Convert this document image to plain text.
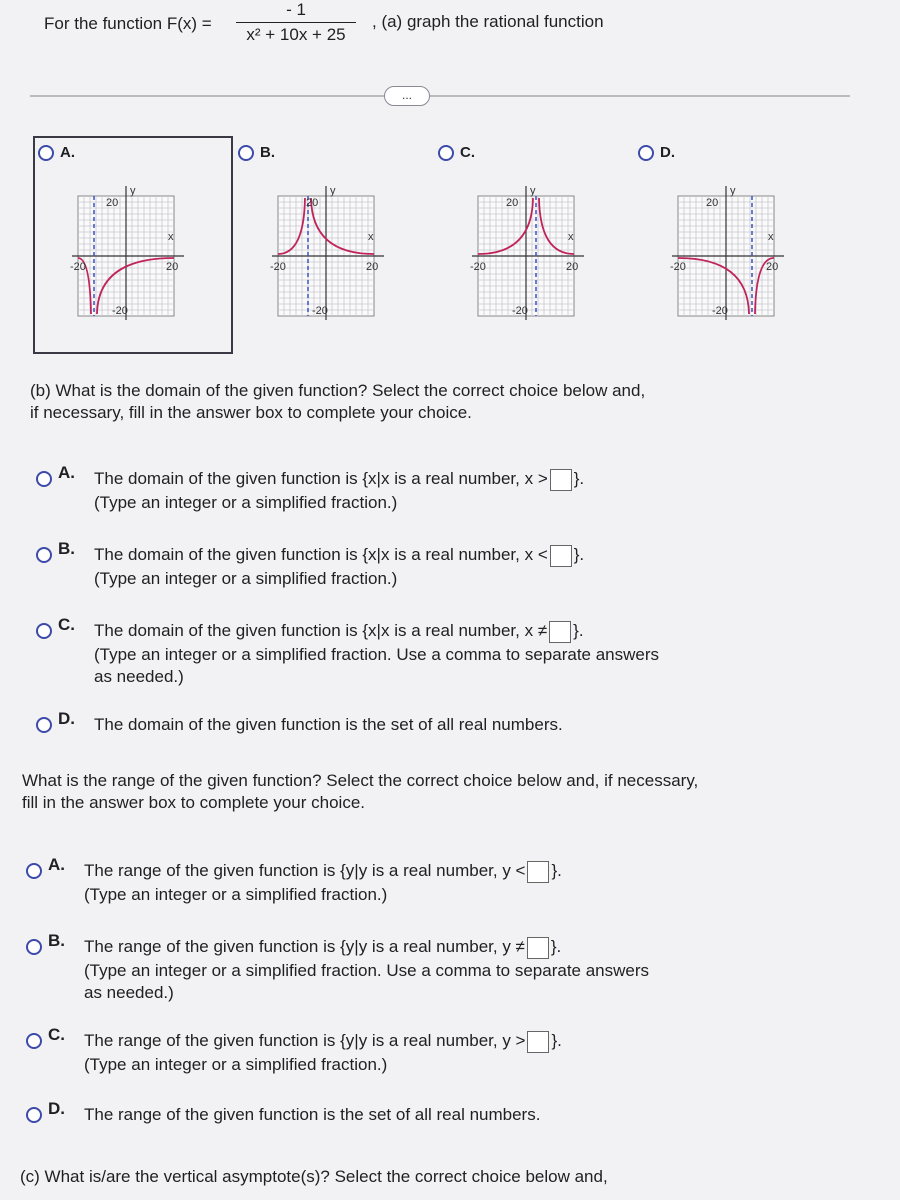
For the function F(x) =
- 1
x² + 10x + 25
, (a) graph the rational function
...
A.
20
-20	20
-20
x
y
B.
20
-20	20
-20
x
y
C.
20
-20	20
-20
x
y
D.
20
-20	20
-20
x
y
(b) What is the domain of the given function? Select the correct choice below and,
if necessary, fill in the answer box to complete your choice.
A. The domain of the given function is {x|x is a real number, x > }.
(Type an integer or a simplified fraction.)
B. The domain of the given function is {x|x is a real number, x < }.
(Type an integer or a simplified fraction.)
C. The domain of the given function is {x|x is a real number, x ≠ }.
(Type an integer or a simplified fraction. Use a comma to separate answers
as needed.)
D. The domain of the given function is the set of all real numbers.
What is the range of the given function? Select the correct choice below and, if necessary,
fill in the answer box to complete your choice.
A. The range of the given function is {y|y is a real number, y < }.
(Type an integer or a simplified fraction.)
B. The range of the given function is {y|y is a real number, y ≠ }.
(Type an integer or a simplified fraction. Use a comma to separate answers
as needed.)
C. The range of the given function is {y|y is a real number, y > }.
(Type an integer or a simplified fraction.)
D. The range of the given function is the set of all real numbers.
(c) What is/are the vertical asymptote(s)? Select the correct choice below and,
